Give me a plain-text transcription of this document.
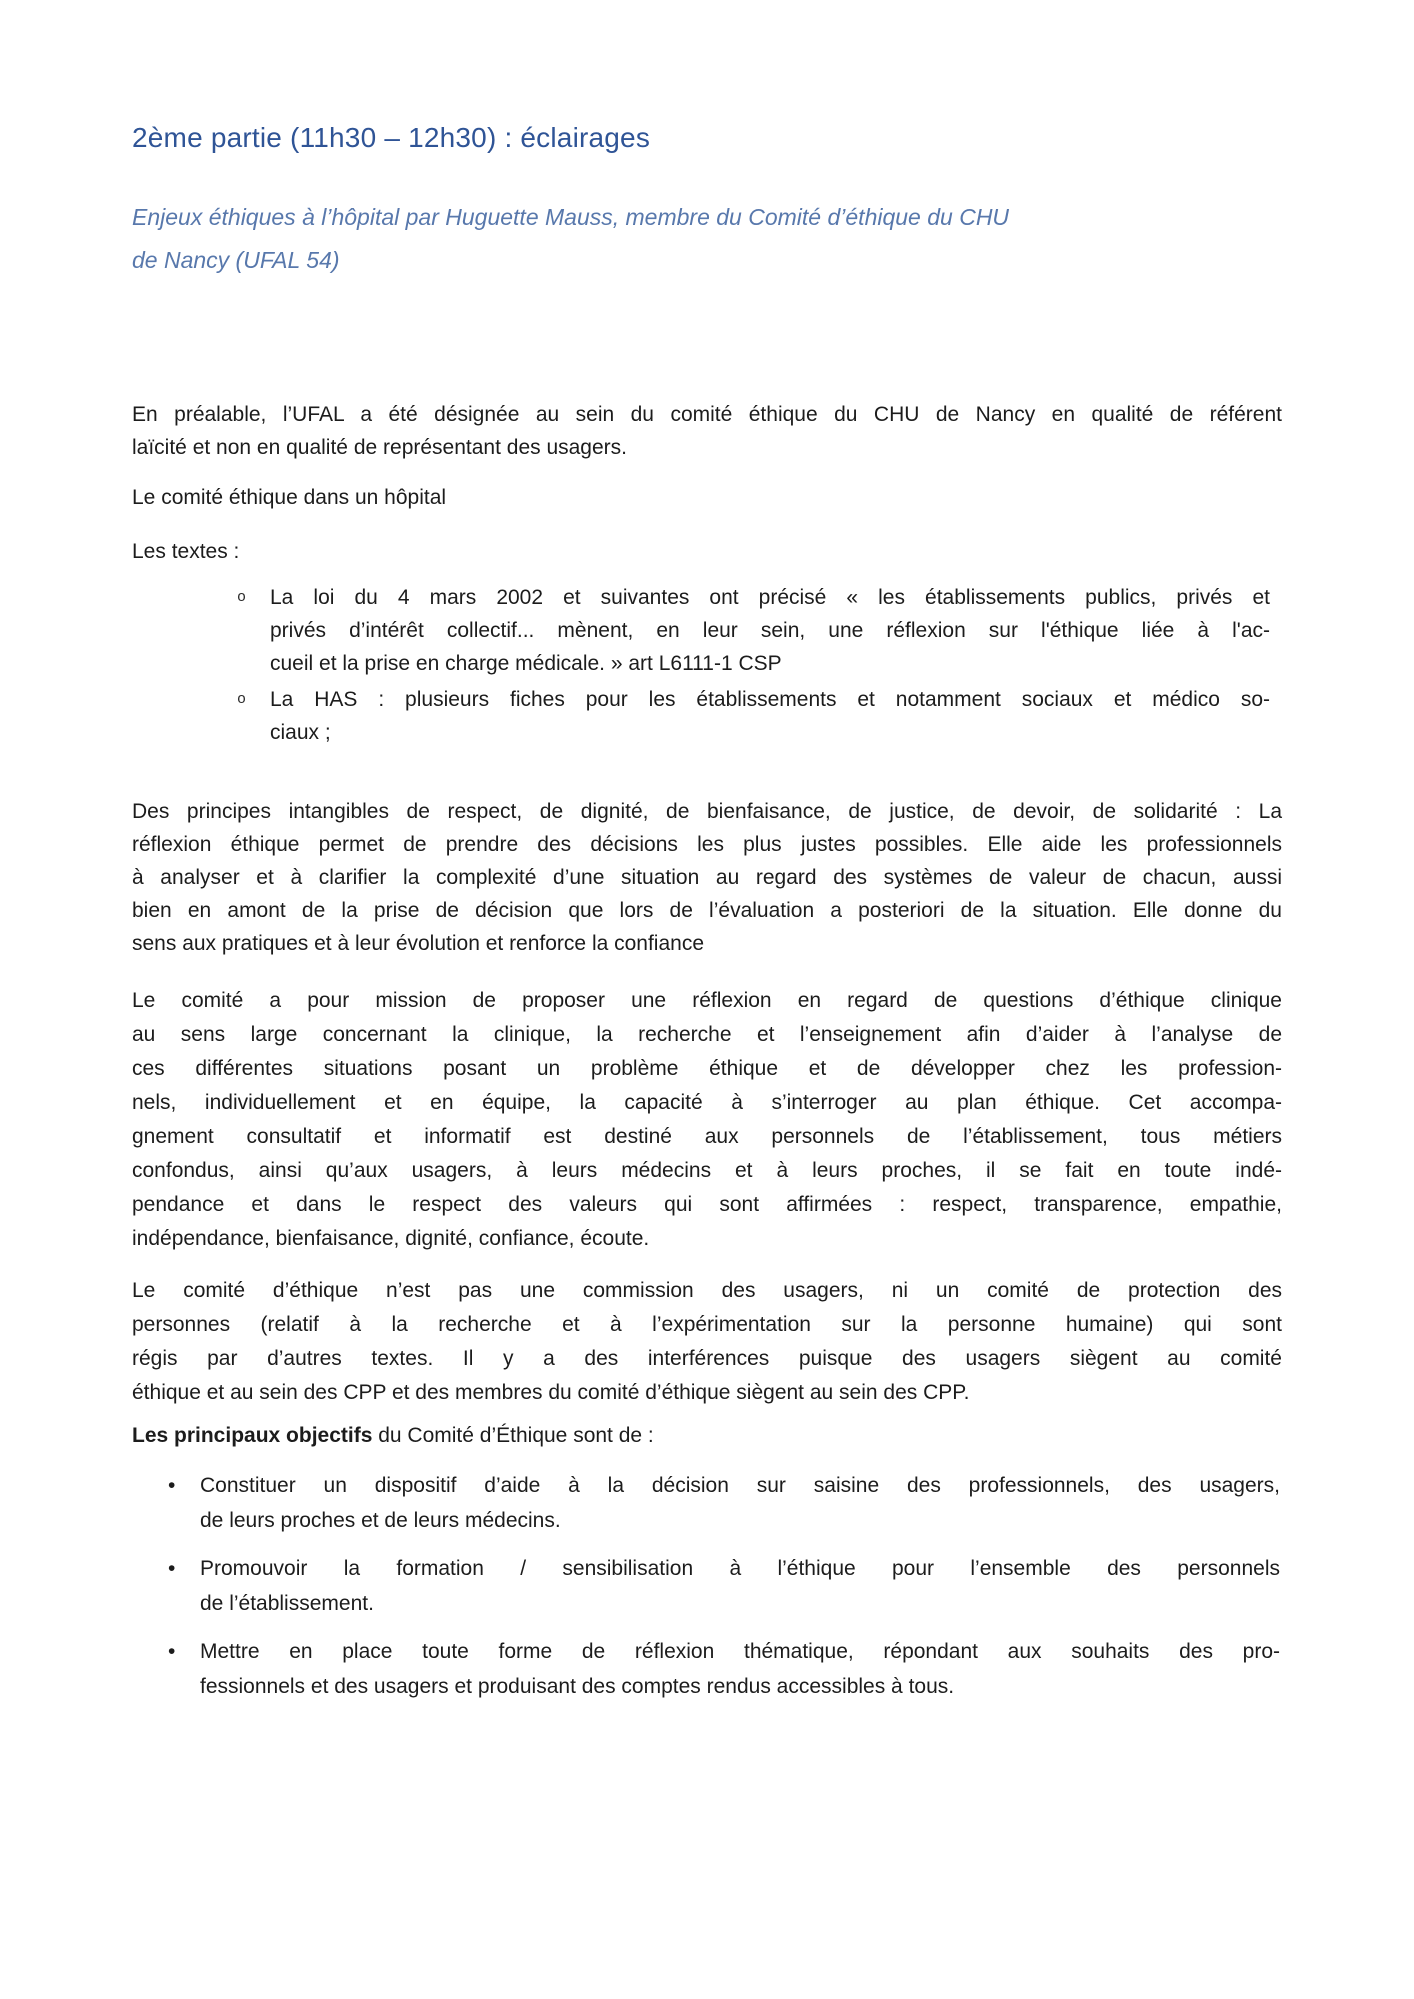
2ème partie (11h30 – 12h30) : éclairages
Enjeux éthiques à l’hôpital par Huguette Mauss, membre du Comité d’éthique du CHU
de Nancy (UFAL 54)
En préalable, l’UFAL a été désignée au sein du comité éthique du CHU de Nancy en qualité de référent
laïcité et non en qualité de représentant des usagers.
Le comité éthique dans un hôpital
Les textes :
o	La loi du 4 mars 2002 et suivantes ont précisé « les établissements publics, privés et
privés d’intérêt collectif... mènent, en leur sein, une réflexion sur l'éthique liée à l'ac-
cueil et la prise en charge médicale. » art L6111-1 CSP
o	La HAS : plusieurs fiches pour les établissements et notamment sociaux et médico so-
ciaux ;
Des principes intangibles de respect, de dignité, de bienfaisance, de justice, de devoir, de solidarité : La
réflexion éthique permet de prendre des décisions les plus justes possibles. Elle aide les professionnels
à analyser et à clarifier la complexité d’une situation au regard des systèmes de valeur de chacun, aussi
bien en amont de la prise de décision que lors de l’évaluation a posteriori de la situation. Elle donne du
sens aux pratiques et à leur évolution et renforce la confiance
Le comité a pour mission de proposer une réflexion en regard de questions d’éthique clinique
au sens large concernant la clinique, la recherche et l’enseignement afin d’aider à l’analyse de
ces différentes situations posant un problème éthique et de développer chez les profession-
nels, individuellement et en équipe, la capacité à s’interroger au plan éthique. Cet accompa-
gnement consultatif et informatif est destiné aux personnels de l’établissement, tous métiers
confondus, ainsi qu’aux usagers, à leurs médecins et à leurs proches, il se fait en toute indé-
pendance et dans le respect des valeurs qui sont affirmées : respect, transparence, empathie,
indépendance, bienfaisance, dignité, confiance, écoute.
Le comité d’éthique n’est pas une commission des usagers, ni un comité de protection des
personnes (relatif à la recherche et à l’expérimentation sur la personne humaine) qui sont
régis par d’autres textes. Il y a des interférences puisque des usagers siègent au comité
éthique et au sein des CPP et des membres du comité d’éthique siègent au sein des CPP.
Les principaux objectifs du Comité d’Éthique sont de :
•	Constituer un dispositif d’aide à la décision sur saisine des professionnels, des usagers,
de leurs proches et de leurs médecins.
•	Promouvoir la formation / sensibilisation à l’éthique pour l’ensemble des personnels
de l’établissement.
•	Mettre en place toute forme de réflexion thématique, répondant aux souhaits des pro-
fessionnels et des usagers et produisant des comptes rendus accessibles à tous.
